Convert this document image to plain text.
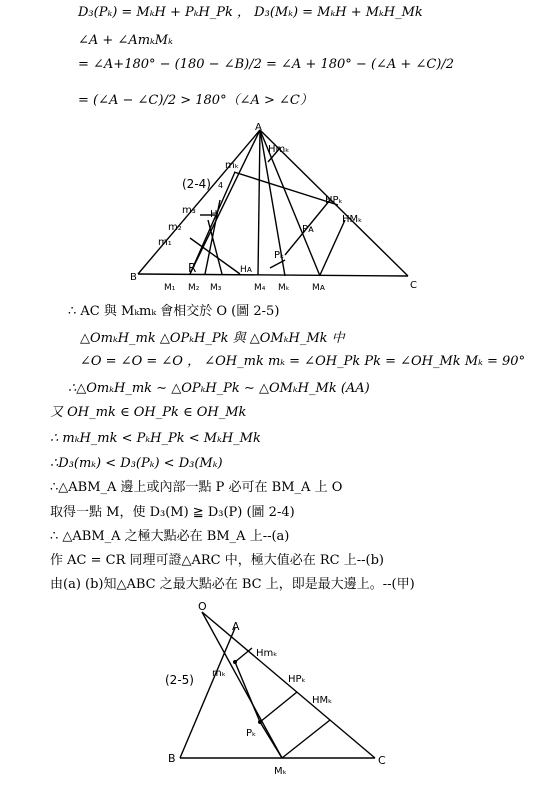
D₃(Pₖ) = MₖH + PₖH_Pk ， D₃(Mₖ) = MₖH + MₖH_Mk
∠A + ∠AmₖMₖ
= ∠A+180° − (180 − ∠B)/2 = ∠A + 180° − (∠A + ∠C)/2
= (∠A − ∠C)/2 > 180°（∠A > ∠C）
A
Hmₖ
mₖ
(2-4) 4
m₃ H
m₂
m₁
HPₖ
HMₖ
Pᴀ
Pₖ
R	Hᴀ
B
C
M₁ M₂ M₃	M₄ Mₖ Mᴀ
∴ AC 與 Mₖmₖ 會相交於 O (圖 2-5)
△OmₖH_mk △OPₖH_Pk 與 △OMₖH_Mk 中
∠O = ∠O = ∠O ， ∠OH_mk mₖ = ∠OH_Pk Pk = ∠OH_Mk Mₖ = 90°
∴△OmₖH_mk ∼ △OPₖH_Pk ∼ △OMₖH_Mk (AA)
又 OH_mk ∈ OH_Pk ∈ OH_Mk
∴ mₖH_mk < PₖH_Pk < MₖH_Mk
∴D₃(mₖ) < D₃(Pₖ) < D₃(Mₖ)
∴△ABM_A 邊上或內部一點 P 必可在 BM_A 上 O
取得一點 M，使 D₃(M) ≧ D₃(P) (圖 2-4)
∴ △ABM_A 之極大點必在 BM_A 上--(a)
作 AC = CR 同理可證△ARC 中，極大值必在 RC 上--(b)
由(a) (b)知△ABC 之最大點必在 BC 上，即是最大邊上。--(甲)
O
A
Hmₖ
mₖ
(2-5)	HPₖ
HMₖ
Pₖ
B	C
Mₖ
